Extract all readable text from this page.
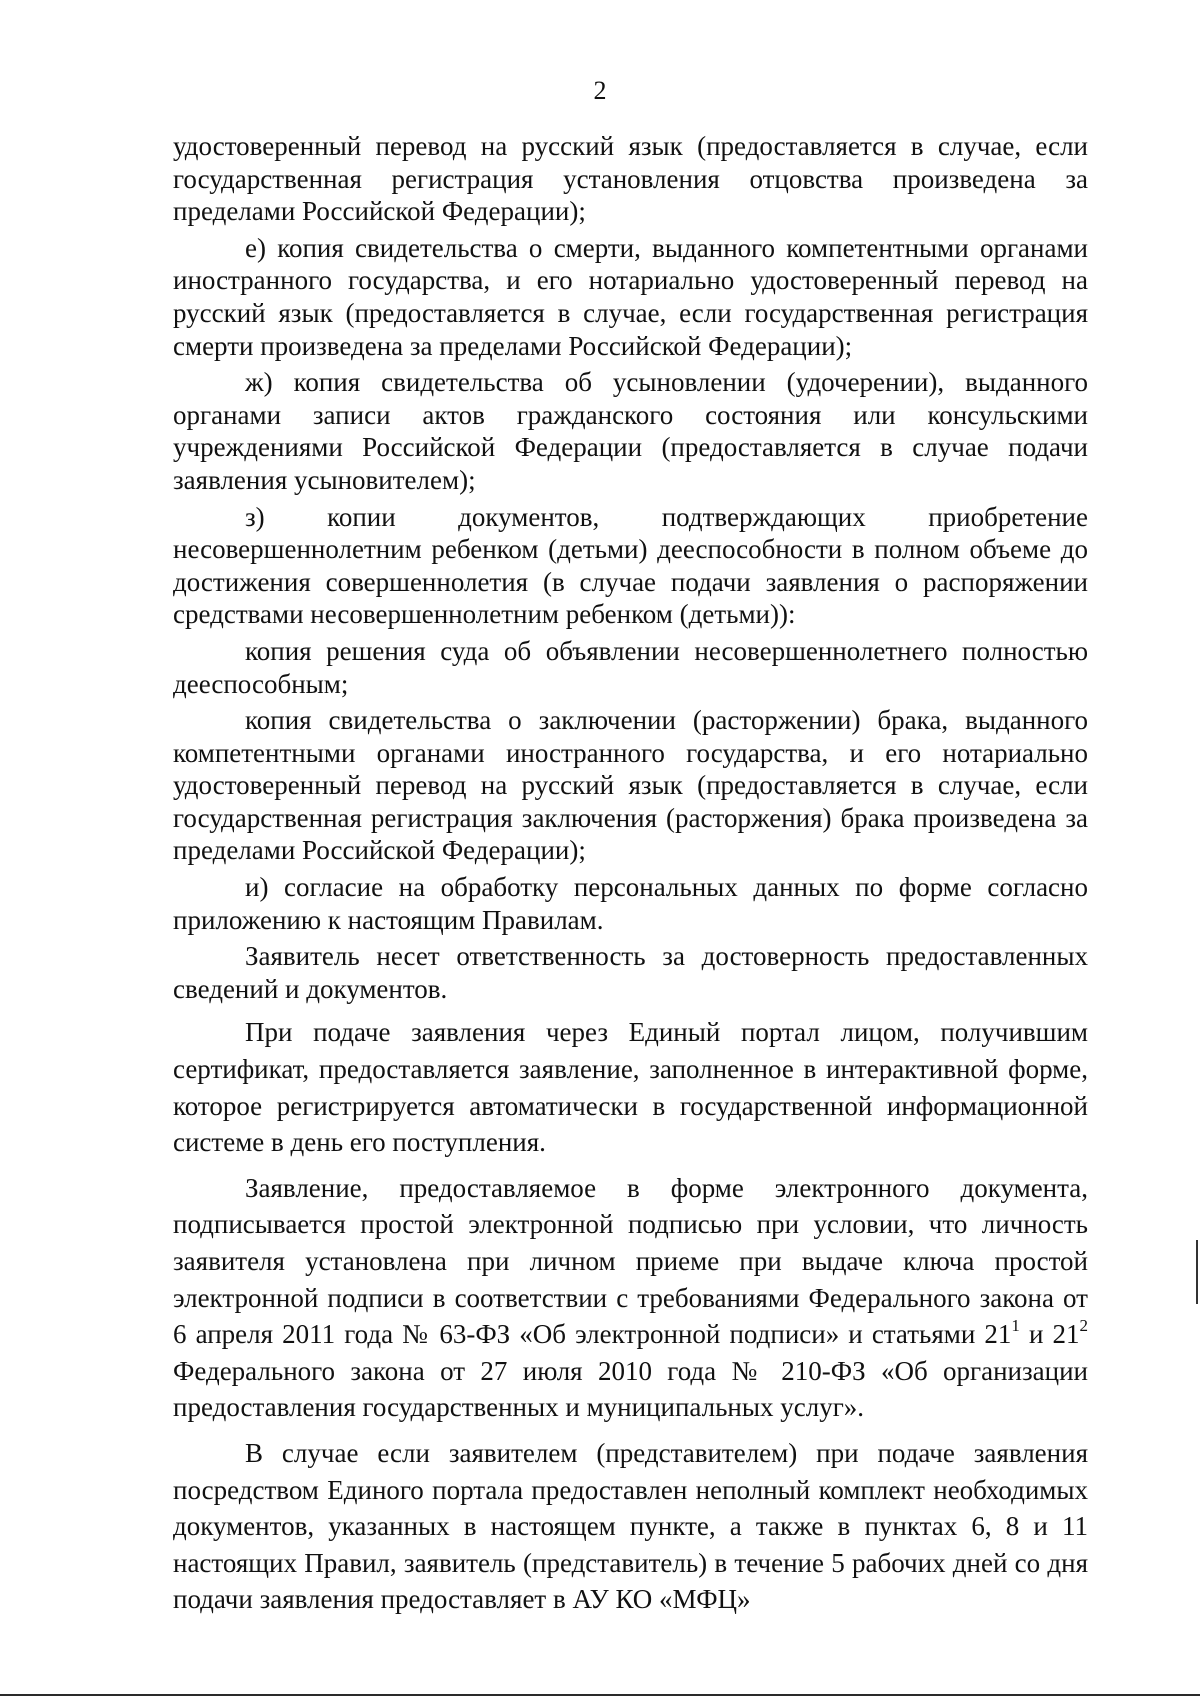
2

удостоверенный перевод на русский язык (предоставляется в случае, если государственная регистрация установления отцовства произведена за пределами Российской Федерации);

е) копия свидетельства о смерти, выданного компетентными органами иностранного государства, и его нотариально удостоверенный перевод на русский язык (предоставляется в случае, если государственная регистрация смерти произведена за пределами Российской Федерации);

ж) копия свидетельства об усыновлении (удочерении), выданного органами записи актов гражданского состояния или консульскими учреждениями Российской Федерации (предоставляется в случае подачи заявления усыновителем);

з) копии документов, подтверждающих приобретение несовершеннолетним ребенком (детьми) дееспособности в полном объеме до достижения совершеннолетия (в случае подачи заявления о распоряжении средствами несовершеннолетним ребенком (детьми)):

копия решения суда об объявлении несовершеннолетнего полностью дееспособным;

копия свидетельства о заключении (расторжении) брака, выданного компетентными органами иностранного государства, и его нотариально удостоверенный перевод на русский язык (предоставляется в случае, если государственная регистрация заключения (расторжения) брака произведена за пределами Российской Федерации);

и) согласие на обработку персональных данных по форме согласно приложению к настоящим Правилам.

Заявитель несет ответственность за достоверность предоставленных сведений и документов.

При подаче заявления через Единый портал лицом, получившим сертификат, предоставляется заявление, заполненное в интерактивной форме, которое регистрируется автоматически в государственной информационной системе в день его поступления.

Заявление, предоставляемое в форме электронного документа, подписывается простой электронной подписью при условии, что личность заявителя установлена при личном приеме при выдаче ключа простой электронной подписи в соответствии с требованиями Федерального закона от 6 апреля 2011 года № 63-ФЗ «Об электронной подписи» и статьями $21^1$ и $21^2$ Федерального закона от 27 июля 2010 года № 210-ФЗ «Об организации предоставления государственных и муниципальных услуг».

В случае если заявителем (представителем) при подаче заявления посредством Единого портала предоставлен неполный комплект необходимых документов, указанных в настоящем пункте, а также в пунктах 6, 8 и 11 настоящих Правил, заявитель (представитель) в течение 5 рабочих дней со дня подачи заявления предоставляет в АУ КО «МФЦ»
